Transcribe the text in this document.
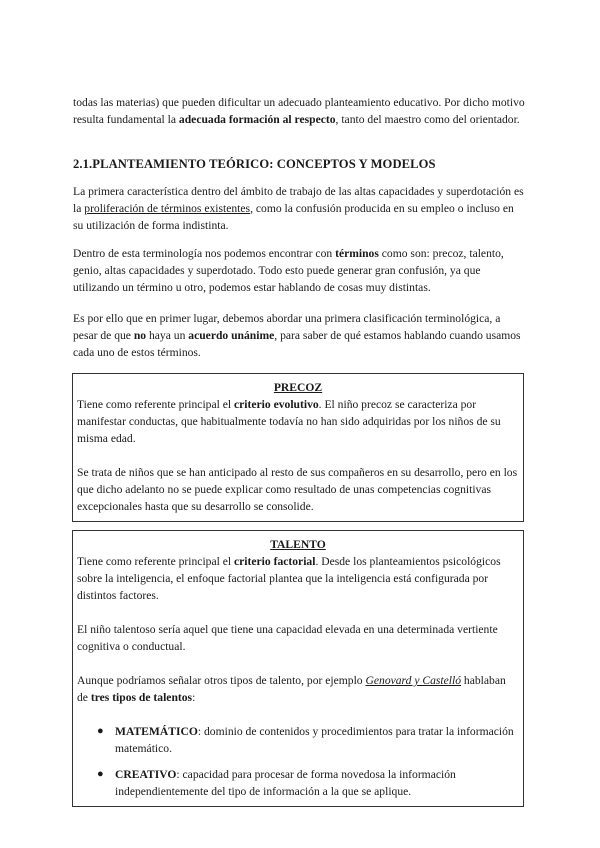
todas las materias) que pueden dificultar un adecuado planteamiento educativo. Por dicho motivo resulta fundamental la adecuada formación al respecto, tanto del maestro como del orientador.

2.1.PLANTEAMIENTO TEÓRICO: CONCEPTOS Y MODELOS

La primera característica dentro del ámbito de trabajo de las altas capacidades y superdotación es la proliferación de términos existentes, como la confusión producida en su empleo o incluso en su utilización de forma indistinta.

Dentro de esta terminología nos podemos encontrar con términos como son: precoz, talento, genio, altas capacidades y superdotado. Todo esto puede generar gran confusión, ya que utilizando un término u otro, podemos estar hablando de cosas muy distintas.

Es por ello que en primer lugar, debemos abordar una primera clasificación terminológica, a pesar de que no haya un acuerdo unánime, para saber de qué estamos hablando cuando usamos cada uno de estos términos.

PRECOZ

Tiene como referente principal el criterio evolutivo. El niño precoz se caracteriza por manifestar conductas, que habitualmente todavía no han sido adquiridas por los niños de su misma edad.

Se trata de niños que se han anticipado al resto de sus compañeros en su desarrollo, pero en los que dicho adelanto no se puede explicar como resultado de unas competencias cognitivas excepcionales hasta que su desarrollo se consolide.

TALENTO

Tiene como referente principal el criterio factorial. Desde los planteamientos psicológicos sobre la inteligencia, el enfoque factorial plantea que la inteligencia está configurada por distintos factores.

El niño talentoso sería aquel que tiene una capacidad elevada en una determinada vertiente cognitiva o conductual.

Aunque podríamos señalar otros tipos de talento, por ejemplo Genovard y Castelló hablaban de tres tipos de talentos:

● MATEMÁTICO: dominio de contenidos y procedimientos para tratar la información matemático.
● CREATIVO: capacidad para procesar de forma novedosa la información independientemente del tipo de información a la que se aplique.
